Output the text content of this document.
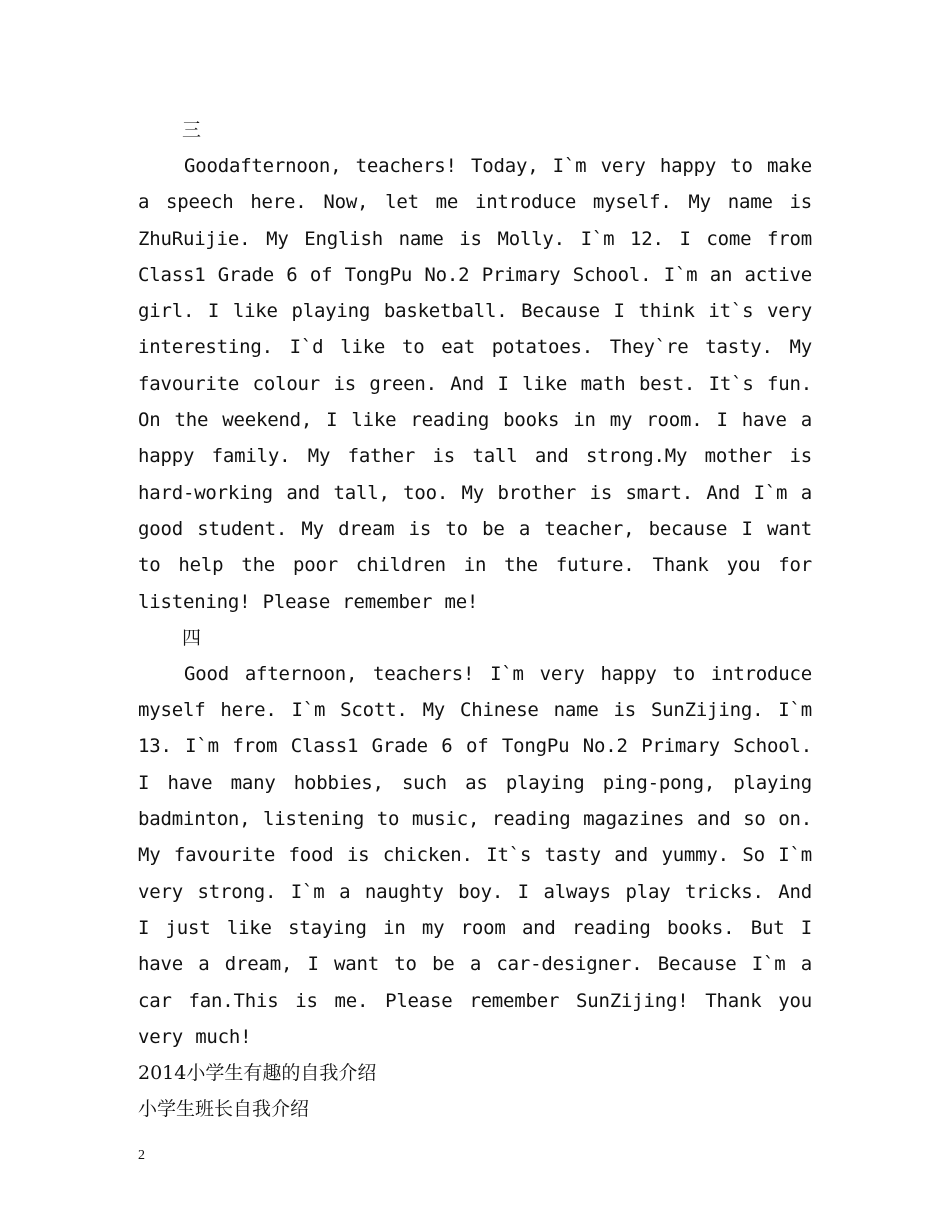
三

Goodafternoon, teachers! Today, I`m very happy to make a speech here. Now, let me introduce myself. My name is ZhuRuijie. My English name is Molly. I`m 12. I come from Class1 Grade 6 of TongPu No.2 Primary School. I`m an active girl. I like playing basketball. Because I think it`s very interesting. I`d like to eat potatoes. They`re tasty. My favourite colour is green. And I like math best. It`s fun. On the weekend, I like reading books in my room. I have a happy family. My father is tall and strong.My mother is hard-working and tall, too. My brother is smart. And I`m a good student. My dream is to be a teacher, because I want to help the poor children in the future. Thank you for listening! Please remember me!

四

Good afternoon, teachers! I`m very happy to introduce myself here. I`m Scott. My Chinese name is SunZijing. I`m 13. I`m from Class1 Grade 6 of TongPu No.2 Primary School. I have many hobbies, such as playing ping-pong, playing badminton, listening to music, reading magazines and so on. My favourite food is chicken. It`s tasty and yummy. So I`m very strong. I`m a naughty boy. I always play tricks. And I just like staying in my room and reading books. But I have a dream, I want to be a car-designer. Because I`m a car fan.This is me. Please remember SunZijing! Thank you very much!

2014小学生有趣的自我介绍
小学生班长自我介绍
2
